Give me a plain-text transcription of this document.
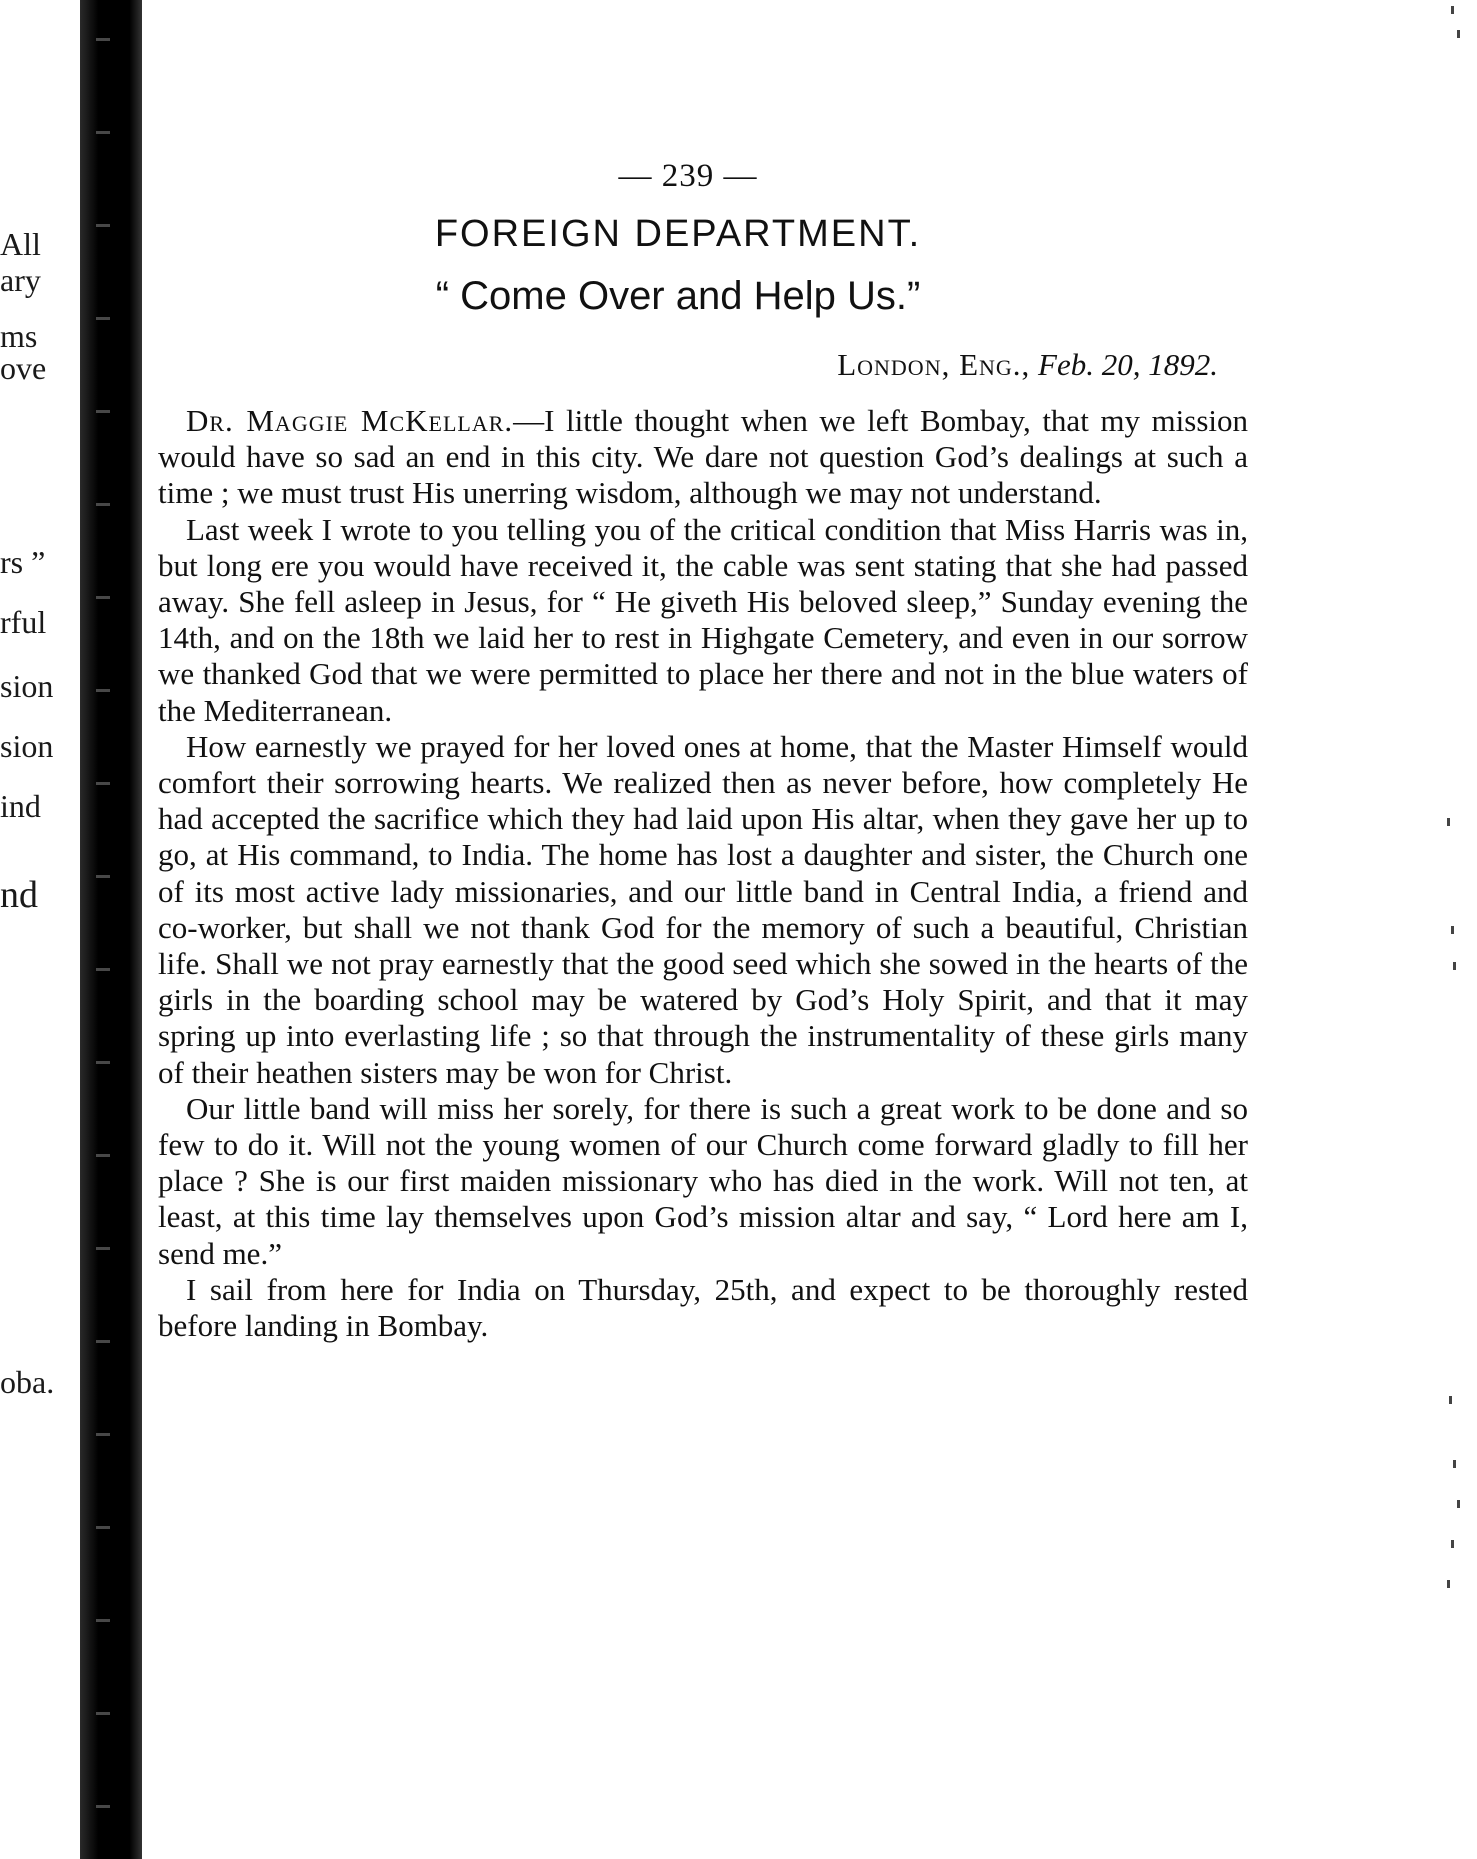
All
ary
ms
ove
rs ”
rful
sion
sion
ind
nd
oba.
— 239 —
FOREIGN DEPARTMENT.
“ Come Over and Help Us.”
London, Eng., Feb. 20, 1892.

Dr. Maggie McKellar.—I little thought when we left Bombay, that my mission would have so sad an end in this city. We dare not question God’s dealings at such a time ; we must trust His unerring wisdom, although we may not understand.

Last week I wrote to you telling you of the critical condition that Miss Harris was in, but long ere you would have received it, the cable was sent stating that she had passed away. She fell asleep in Jesus, for “ He giveth His beloved sleep,” Sunday evening the 14th, and on the 18th we laid her to rest in Highgate Cemetery, and even in our sorrow we thanked God that we were permitted to place her there and not in the blue waters of the Mediterranean.

How earnestly we prayed for her loved ones at home, that the Master Himself would comfort their sorrowing hearts. We realized then as never before, how completely He had accepted the sacrifice which they had laid upon His altar, when they gave her up to go, at His command, to India. The home has lost a daughter and sister, the Church one of its most active lady missionaries, and our little band in Central India, a friend and co-worker, but shall we not thank God for the memory of such a beautiful, Christian life. Shall we not pray earnestly that the good seed which she sowed in the hearts of the girls in the boarding school may be watered by God’s Holy Spirit, and that it may spring up into everlasting life ; so that through the instrumentality of these girls many of their heathen sisters may be won for Christ.

Our little band will miss her sorely, for there is such a great work to be done and so few to do it. Will not the young women of our Church come forward gladly to fill her place ? She is our first maiden missionary who has died in the work. Will not ten, at least, at this time lay themselves upon God’s mission altar and say, “ Lord here am I, send me.”

I sail from here for India on Thursday, 25th, and expect to be thoroughly rested before landing in Bombay.
